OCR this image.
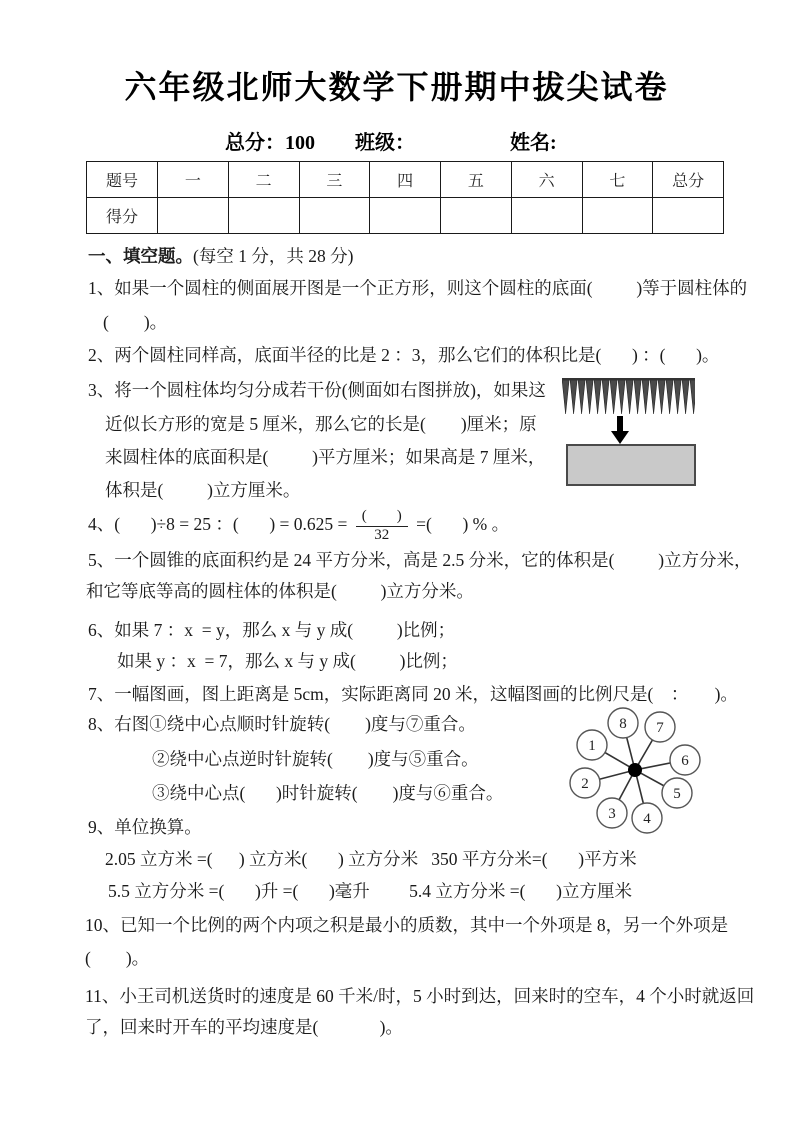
六年级北师大数学下册期中拔尖试卷
总分：100 班级：	姓名:
题号	一	二	三	四	五	六	七	总分
得分								
一、填空题。(每空 1 分，共 28 分)
1、如果一个圆柱的侧面展开图是一个正方形，则这个圆柱的底面(          )等于圆柱体的
(        )。
2、两个圆柱同样高，底面半径的比是 2 ：3，那么它们的体积比是(       ) ：(       )。
3、将一个圆柱体均匀分成若干份(侧面如右图拼放)，如果这
近似长方形的宽是 5 厘米，那么它的长是(        )厘米；原
来圆柱体的底面积是(          )平方厘米；如果高是 7 厘米，
体积是(          )立方厘米。
4、(       )÷8 = 25 ：(       ) = $0.625 = \frac{( )}{32}$ =(       ) % 。
5、一个圆锥的底面积约是 24 平方分米，高是 2.5 分米，它的体积是(          )立方分米，
和它等底等高的圆柱体的体积是(          )立方分米。
6、如果 7 ：x  = y，那么 x 与 y 成(          )比例；
如果 y ：x  = 7，那么 x 与 y 成(          )比例；
7、一幅图画，图上距离是 5cm，实际距离同 20 米，这幅图画的比例尺是(    ：      )。
8、右图①绕中心点顺时针旋转(        )度与⑦重合。
②绕中心点逆时针旋转(        )度与⑤重合。
③绕中心点(       )时针旋转(        )度与⑥重合。
9、单位换算。
2.05 立方米 =(      ) 立方米(       ) 立方分米   350 平方分米=(       )平方米
5.5 立方分米 =(       )升 =(       )毫升         5.4 立方分米 =(       )立方厘米
10、已知一个比例的两个内项之积是最小的质数，其中一个外项是 8，另一个外项是
(        )。
11、小王司机送货时的速度是 60 千米/时，5 小时到达，回来时的空车，4 个小时就返回
了，回来时开车的平均速度是(              )。
1
2
3 4
5
6
7
8
